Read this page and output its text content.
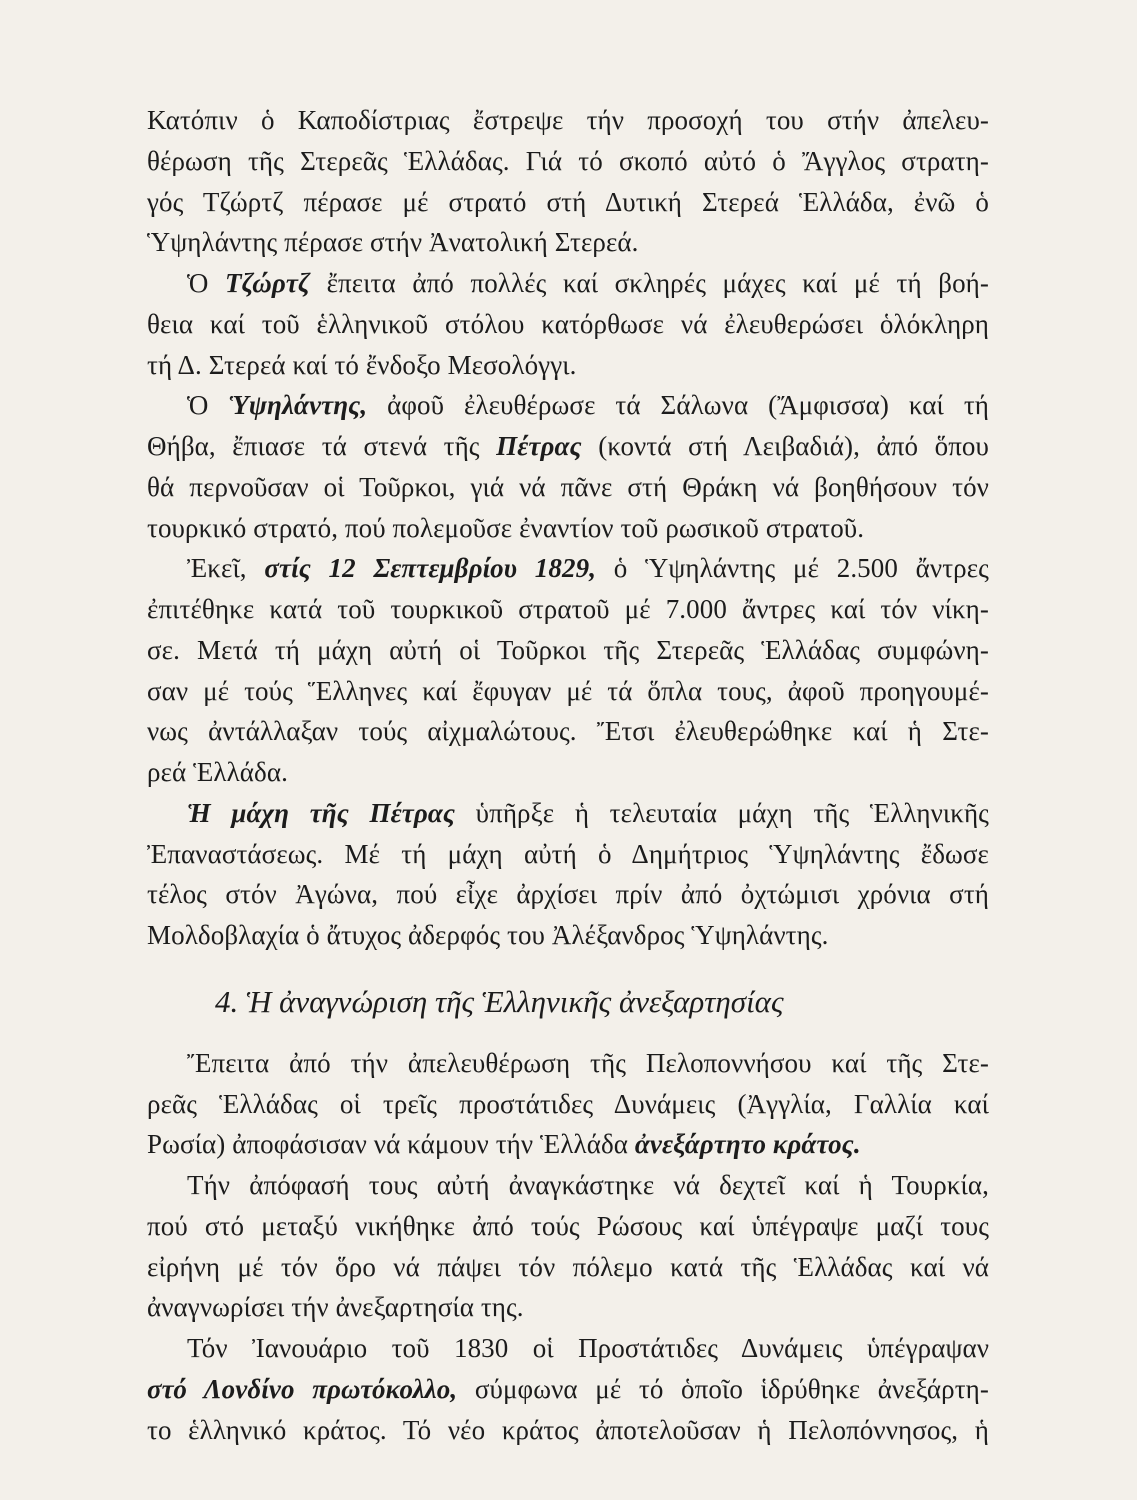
Κατόπιν ὁ Καποδίστριας ἔστρεψε τήν προσοχή του στήν ἀπελευ-
θέρωση τῆς Στερεᾶς Ἑλλάδας. Γιά τό σκοπό αὐτό ὁ Ἄγγλος στρατη-
γός Τζώρτζ πέρασε μέ στρατό στή Δυτική Στερεά Ἑλλάδα, ἐνῶ ὁ
Ὑψηλάντης πέρασε στήν Ἀνατολική Στερεά.
Ὁ Τζώρτζ ἔπειτα ἀπό πολλές καί σκληρές μάχες καί μέ τή βοή-
θεια καί τοῦ ἑλληνικοῦ στόλου κατόρθωσε νά ἐλευθερώσει ὁλόκληρη
τή Δ. Στερεά καί τό ἔνδοξο Μεσολόγγι.
Ὁ Ὑψηλάντης, ἀφοῦ ἐλευθέρωσε τά Σάλωνα (Ἄμφισσα) καί τή
Θήβα, ἔπιασε τά στενά τῆς Πέτρας (κοντά στή Λειβαδιά), ἀπό ὅπου
θά περνοῦσαν οἱ Τοῦρκοι, γιά νά πᾶνε στή Θράκη νά βοηθήσουν τόν
τουρκικό στρατό, πού πολεμοῦσε ἐναντίον τοῦ ρωσικοῦ στρατοῦ.
Ἐκεῖ, στίς 12 Σεπτεμβρίου 1829, ὁ Ὑψηλάντης μέ 2.500 ἄντρες
ἐπιτέθηκε κατά τοῦ τουρκικοῦ στρατοῦ μέ 7.000 ἄντρες καί τόν νίκη-
σε. Μετά τή μάχη αὐτή οἱ Τοῦρκοι τῆς Στερεᾶς Ἑλλάδας συμφώνη-
σαν μέ τούς Ἕλληνες καί ἔφυγαν μέ τά ὅπλα τους, ἀφοῦ προηγουμέ-
νως ἀντάλλαξαν τούς αἰχμαλώτους. Ἔτσι ἐλευθερώθηκε καί ἡ Στε-
ρεά Ἑλλάδα.
Ἡ μάχη τῆς Πέτρας ὑπῆρξε ἡ τελευταία μάχη τῆς Ἑλληνικῆς
Ἐπαναστάσεως. Μέ τή μάχη αὐτή ὁ Δημήτριος Ὑψηλάντης ἔδωσε
τέλος στόν Ἀγώνα, πού εἶχε ἀρχίσει πρίν ἀπό ὀχτώμισι χρόνια στή
Μολδοβλαχία ὁ ἄτυχος ἀδερφός του Ἀλέξανδρος Ὑψηλάντης.
4. Ἡ ἀναγνώριση τῆς Ἑλληνικῆς ἀνεξαρτησίας
Ἔπειτα ἀπό τήν ἀπελευθέρωση τῆς Πελοποννήσου καί τῆς Στε-
ρεᾶς Ἑλλάδας οἱ τρεῖς προστάτιδες Δυνάμεις (Ἀγγλία, Γαλλία καί
Ρωσία) ἀποφάσισαν νά κάμουν τήν Ἑλλάδα ἀνεξάρτητο κράτος.
Τήν ἀπόφασή τους αὐτή ἀναγκάστηκε νά δεχτεῖ καί ἡ Τουρκία,
πού στό μεταξύ νικήθηκε ἀπό τούς Ρώσους καί ὑπέγραψε μαζί τους
εἰρήνη μέ τόν ὅρο νά πάψει τόν πόλεμο κατά τῆς Ἑλλάδας καί νά
ἀναγνωρίσει τήν ἀνεξαρτησία της.
Τόν Ἰανουάριο τοῦ 1830 οἱ Προστάτιδες Δυνάμεις ὑπέγραψαν
στό Λονδίνο πρωτόκολλο, σύμφωνα μέ τό ὁποῖο ἱδρύθηκε ἀνεξάρτη-
το ἑλληνικό κράτος. Τό νέο κράτος ἀποτελοῦσαν ἡ Πελοπόννησος, ἡ
